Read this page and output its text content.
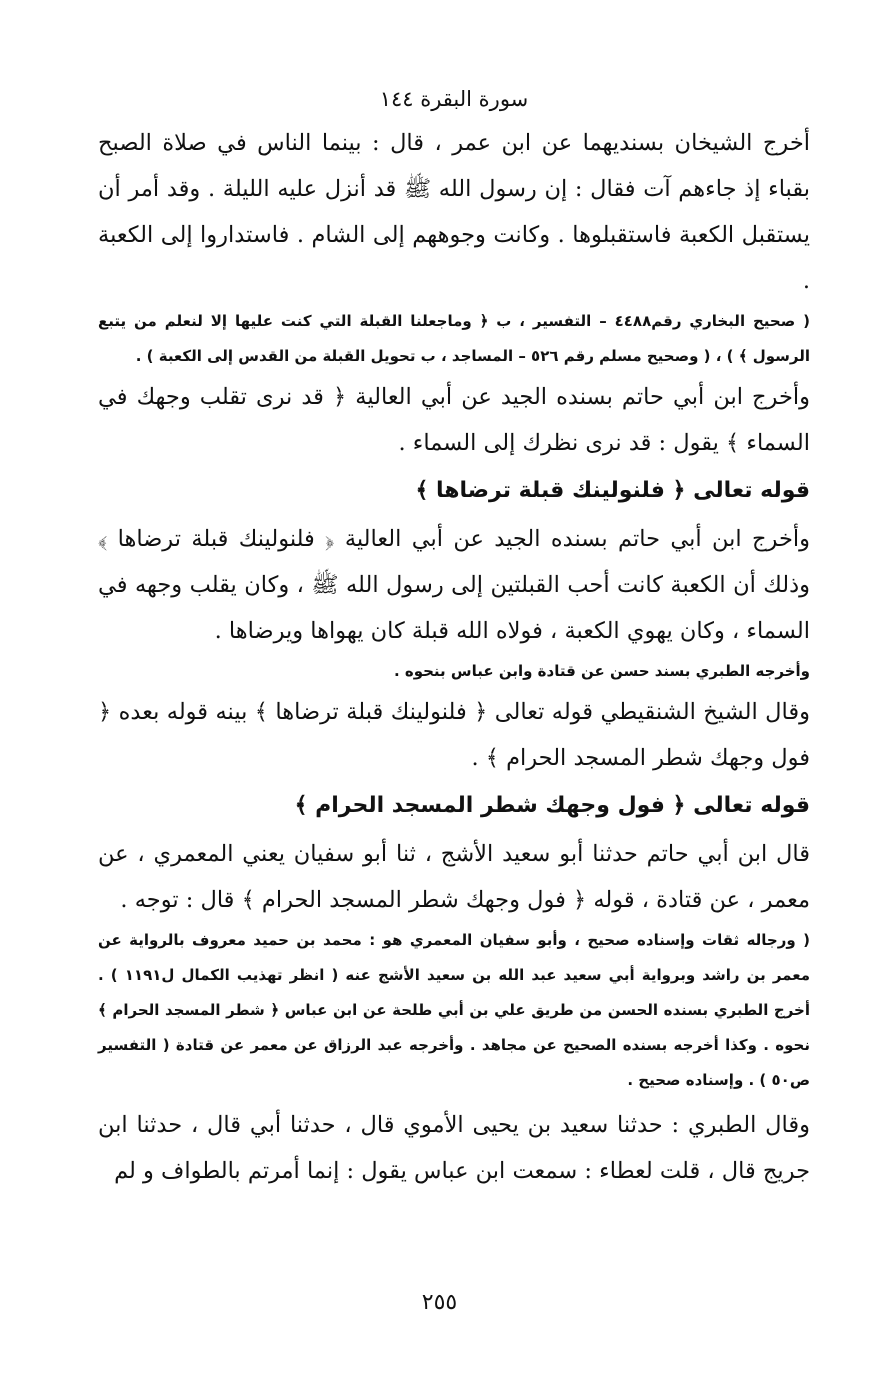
سورة البقرة ١٤٤

أخرج الشيخان بسنديهما عن ابن عمر ، قال : بينما الناس في صلاة الصبح بقباء إذ جاءهم آت فقال : إن رسول الله ﷺ قد أنزل عليه الليلة . وقد أمر أن يستقبل الكعبة فاستقبلوها . وكانت وجوههم إلى الشام . فاستداروا إلى الكعبة .

( صحيح البخاري رقم٤٤٨٨ – التفسير ، ب ﴿ وماجعلنا القبلة التي كنت عليها إلا لنعلم من يتبع الرسول ﴾ ) ، ( وصحيح مسلم رقم ٥٢٦ – المساجد ، ب تحويل القبلة من القدس إلى الكعبة ) .

وأخرج ابن أبي حاتم بسنده الجيد عن أبي العالية ﴿ قد نرى تقلب وجهك في السماء ﴾ يقول : قد نرى نظرك إلى السماء .

قوله تعالى ﴿ فلنولينك قبلة ترضاها ﴾

وأخرج ابن أبي حاتم بسنده الجيد عن أبي العالية ﴿ فلنولينك قبلة ترضاها ﴾ وذلك أن الكعبة كانت أحب القبلتين إلى رسول الله ﷺ ، وكان يقلب وجهه في السماء ، وكان يهوي الكعبة ، فولاه الله قبلة كان يهواها ويرضاها .

وأخرجه الطبري بسند حسن عن قتادة وابن عباس بنحوه .

وقال الشيخ الشنقيطي قوله تعالى ﴿ فلنولينك قبلة ترضاها ﴾ بينه قوله بعده ﴿ فول وجهك شطر المسجد الحرام ﴾ .

قوله تعالى ﴿ فول وجهك شطر المسجد الحرام ﴾

قال ابن أبي حاتم حدثنا أبو سعيد الأشج ، ثنا أبو سفيان يعني المعمري ، عن معمر ، عن قتادة ، قوله ﴿ فول وجهك شطر المسجد الحرام ﴾ قال : توجه .

( ورجاله ثقات وإسناده صحيح ، وأبو سفيان المعمري هو : محمد بن حميد معروف بالرواية عن معمر بن راشد وبرواية أبي سعيد عبد الله بن سعيد الأشج عنه ( انظر تهذيب الكمال ل١١٩١ ) . أخرج الطبري بسنده الحسن من طريق علي بن أبي طلحة عن ابن عباس ﴿ شطر المسجد الحرام ﴾ نحوه . وكذا أخرجه بسنده الصحيح عن مجاهد . وأخرجه عبد الرزاق عن معمر عن قتادة ( التفسير ص٥٠ ) . وإسناده صحيح .

وقال الطبري : حدثنا سعيد بن يحيى الأموي قال ، حدثنا أبي قال ، حدثنا ابن جريج قال ، قلت لعطاء : سمعت ابن عباس يقول : إنما أمرتم بالطواف و لم

٢٥٥
